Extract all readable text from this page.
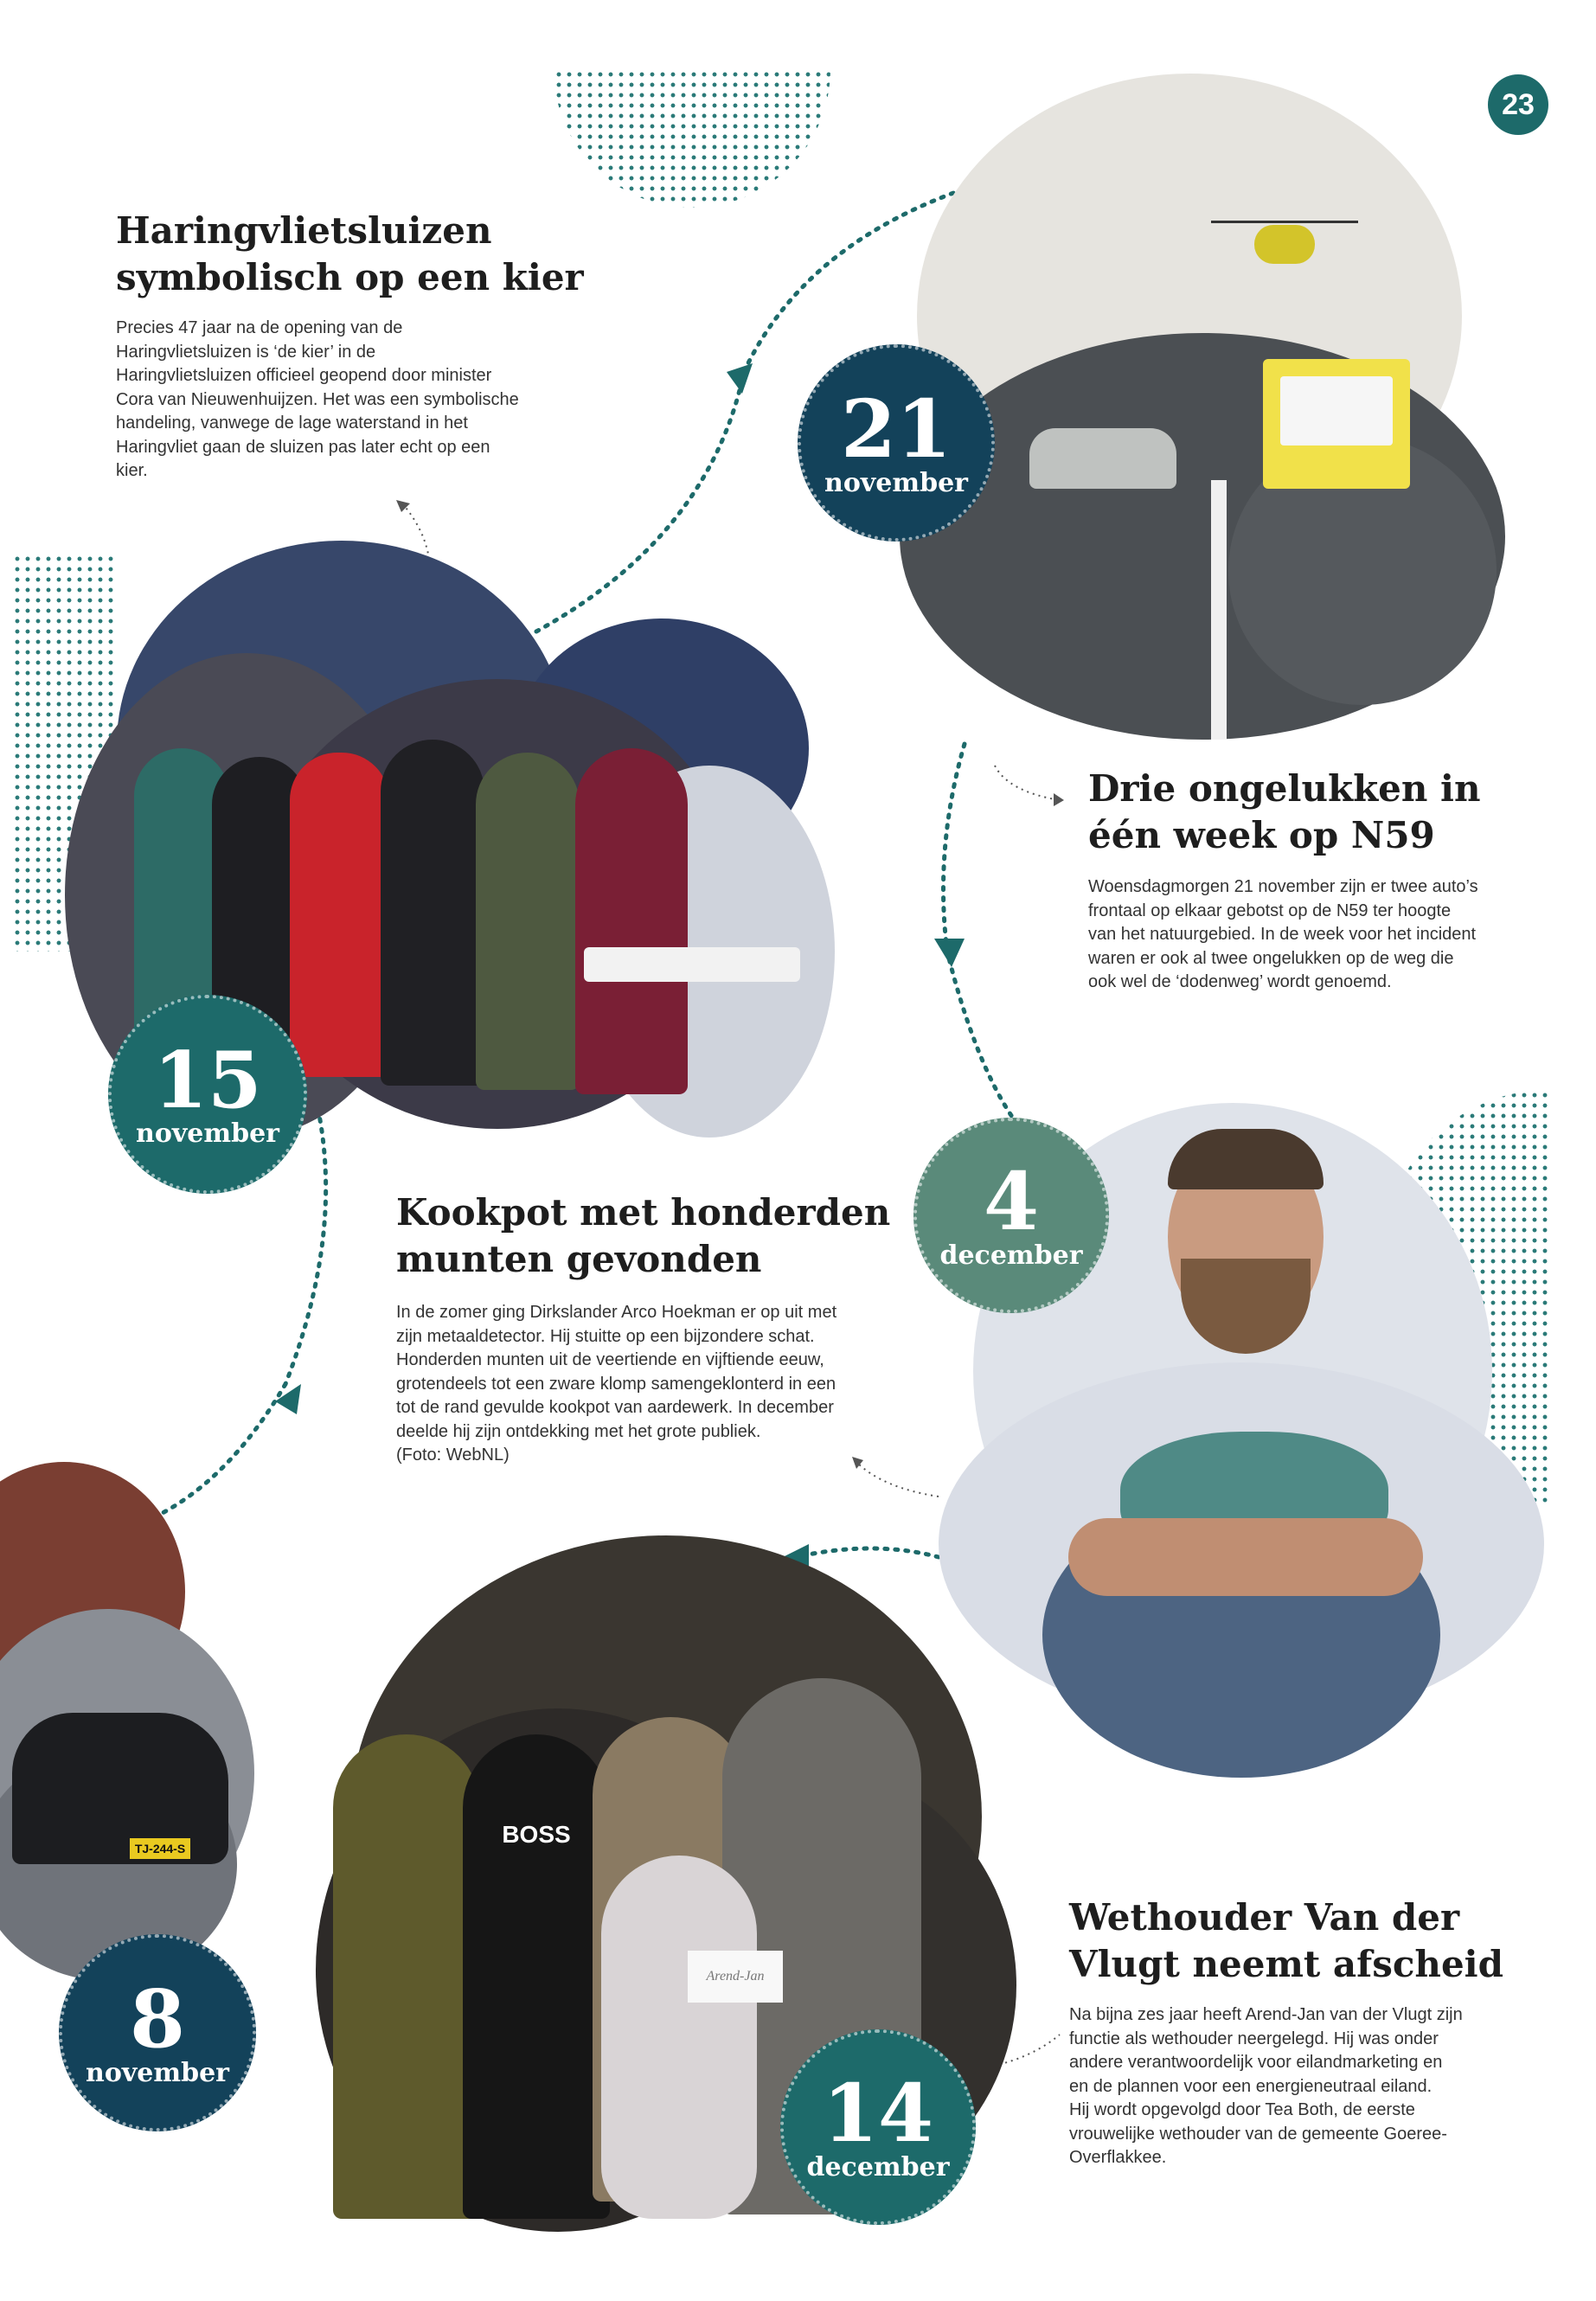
23
Haringvlietsluizen
symbolisch op een kier
Precies 47 jaar na de opening van de
Haringvlietsluizen is ‘de kier’ in de
Haringvlietsluizen officieel geopend door minister
Cora van Nieuwenhuijzen. Het was een symbolische
handeling, vanwege de lage waterstand in het
Haringvliet gaan de sluizen pas later echt op een
kier.
15
november
21
november
Drie ongelukken in
één week op N59
Woensdagmorgen 21 november zijn er twee auto’s
frontaal op elkaar gebotst op de N59 ter hoogte
van het natuurgebied. In de week voor het incident
waren er ook al twee ongelukken op de weg die
ook wel de ‘dodenweg’ wordt genoemd.
4
december
Kookpot met honderden
munten gevonden
In de zomer ging Dirkslander Arco Hoekman er op uit met
zijn metaaldetector. Hij stuitte op een bijzondere schat.
Honderden munten uit de veertiende en vijftiende eeuw,
grotendeels tot een zware klomp samengeklonterd in een
tot de rand gevulde kookpot van aardewerk. In december
deelde hij zijn ontdekking met het grote publiek.
(Foto: WebNL)
TJ-244-S
8
november
BOSS
Arend-Jan
14
december
Wethouder Van der
Vlugt neemt afscheid
Na bijna zes jaar heeft Arend-Jan van der Vlugt zijn
functie als wethouder neergelegd. Hij was onder
andere verantwoordelijk voor eilandmarketing en
en de plannen voor een energieneutraal eiland.
Hij wordt opgevolgd door Tea Both, de eerste
vrouwelijke wethouder van de gemeente Goeree-
Overflakkee.
